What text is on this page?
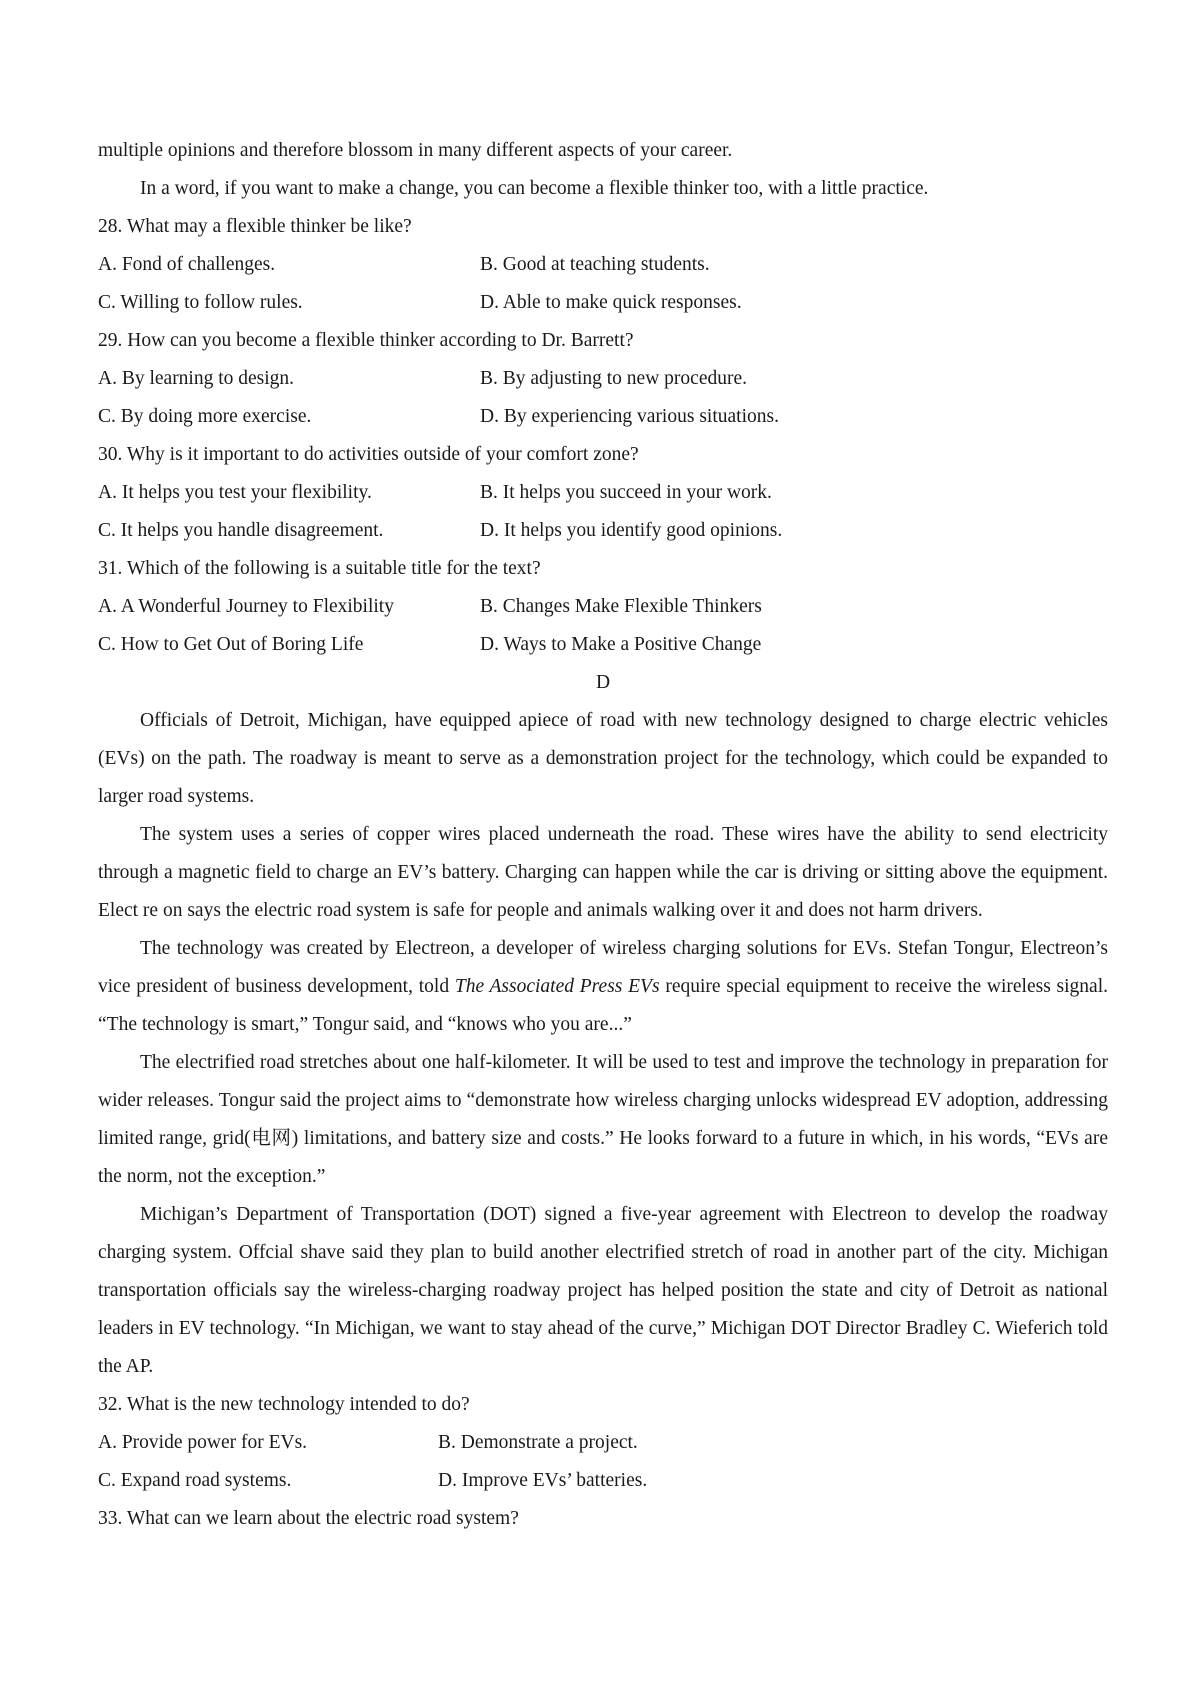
multiple opinions and therefore blossom in many different aspects of your career.
In a word, if you want to make a change, you can become a flexible thinker too, with a little practice.
28. What may a flexible thinker be like?
A. Fond of challenges.	B. Good at teaching students.
C. Willing to follow rules.	D. Able to make quick responses.
29. How can you become a flexible thinker according to Dr. Barrett?
A. By learning to design.	B. By adjusting to new procedure.
C. By doing more exercise.	D. By experiencing various situations.
30. Why is it important to do activities outside of your comfort zone?
A. It helps you test your flexibility.	B. It helps you succeed in your work.
C. It helps you handle disagreement.	D. It helps you identify good opinions.
31. Which of the following is a suitable title for the text?
A. A Wonderful Journey to Flexibility	B. Changes Make Flexible Thinkers
C. How to Get Out of Boring Life	D. Ways to Make a Positive Change
D
Officials of Detroit, Michigan, have equipped apiece of road with new technology designed to charge electric vehicles (EVs) on the path. The roadway is meant to serve as a demonstration project for the technology, which could be expanded to larger road systems.
The system uses a series of copper wires placed underneath the road. These wires have the ability to send electricity through a magnetic field to charge an EV’s battery. Charging can happen while the car is driving or sitting above the equipment. Elect re on says the electric road system is safe for people and animals walking over it and does not harm drivers.
The technology was created by Electreon, a developer of wireless charging solutions for EVs. Stefan Tongur, Electreon’s vice president of business development, told The Associated Press EVs require special equipment to receive the wireless signal. “The technology is smart,” Tongur said, and “knows who you are...”
The electrified road stretches about one half-kilometer. It will be used to test and improve the technology in preparation for wider releases. Tongur said the project aims to “demonstrate how wireless charging unlocks widespread EV adoption, addressing limited range, grid(电网) limitations, and battery size and costs.” He looks forward to a future in which, in his words, “EVs are the norm, not the exception.”
Michigan’s Department of Transportation (DOT) signed a five-year agreement with Electreon to develop the roadway charging system. Offcial shave said they plan to build another electrified stretch of road in another part of the city. Michigan transportation officials say the wireless-charging roadway project has helped position the state and city of Detroit as national leaders in EV technology. “In Michigan, we want to stay ahead of the curve,” Michigan DOT Director Bradley C. Wieferich told the AP.
32. What is the new technology intended to do?
A. Provide power for EVs.	B. Demonstrate a project.
C. Expand road systems.	D. Improve EVs’ batteries.
33. What can we learn about the electric road system?
